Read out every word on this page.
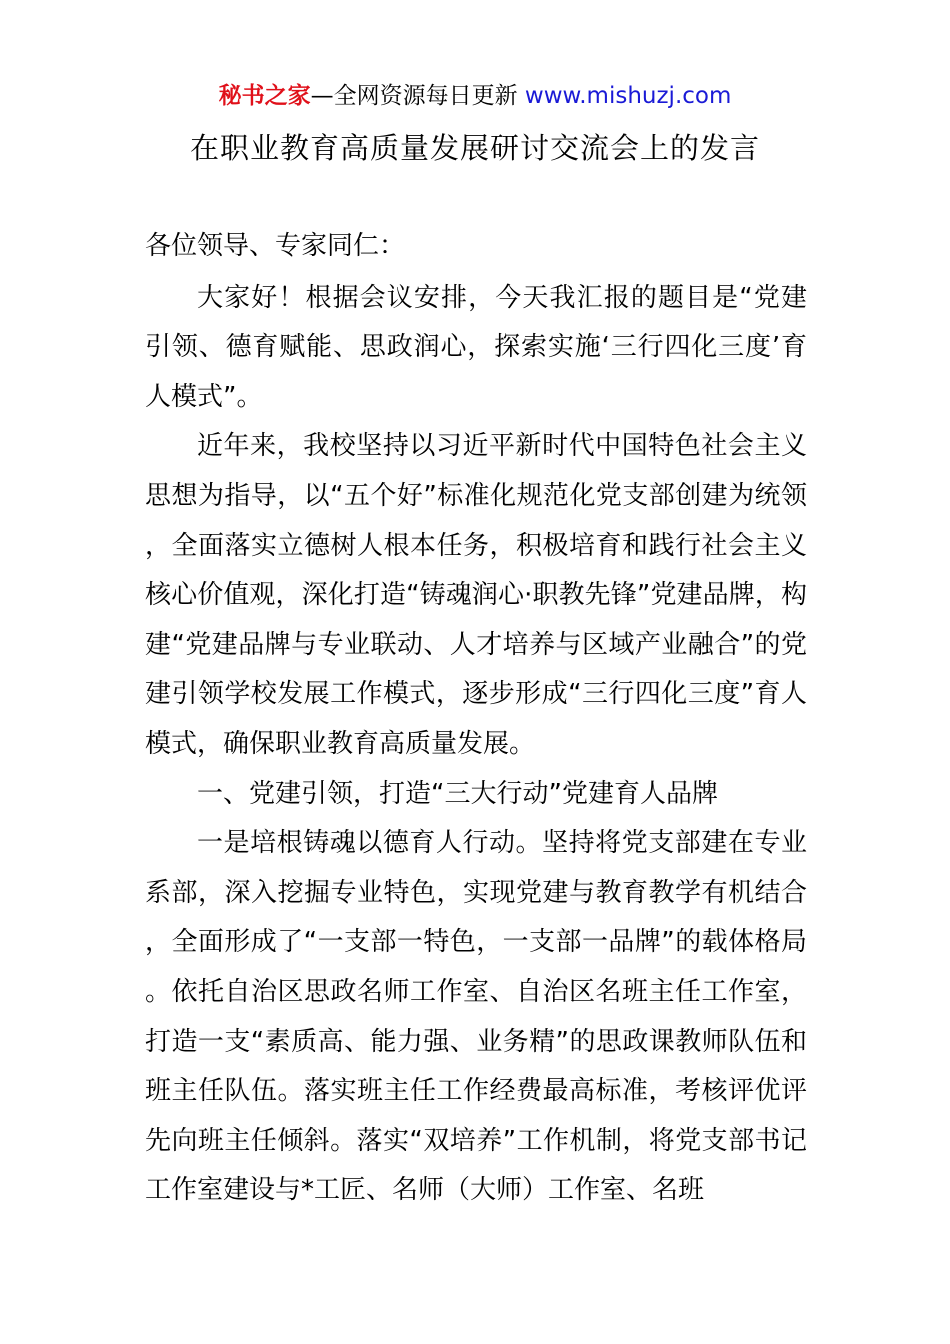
秘书之家—全网资源每日更新 www.mishuzj.com
在职业教育高质量发展研讨交流会上的发言

各位领导、专家同仁：

大家好！根据会议安排，今天我汇报的题目是“党建引领、德育赋能、思政润心，探索实施‘三行四化三度’育人模式”。

近年来，我校坚持以习近平新时代中国特色社会主义思想为指导，以“五个好”标准化规范化党支部创建为统领，全面落实立德树人根本任务，积极培育和践行社会主义核心价值观，深化打造“铸魂润心·职教先锋”党建品牌，构建“党建品牌与专业联动、人才培养与区域产业融合”的党建引领学校发展工作模式，逐步形成“三行四化三度”育人模式，确保职业教育高质量发展。

一、党建引领，打造“三大行动”党建育人品牌

一是培根铸魂以德育人行动。坚持将党支部建在专业系部，深入挖掘专业特色，实现党建与教育教学有机结合，全面形成了“一支部一特色，一支部一品牌”的载体格局。依托自治区思政名师工作室、自治区名班主任工作室，打造一支“素质高、能力强、业务精”的思政课教师队伍和班主任队伍。落实班主任工作经费最高标准，考核评优评先向班主任倾斜。落实“双培养”工作机制，将党支部书记工作室建设与*工匠、名师（大师）工作室、名班
